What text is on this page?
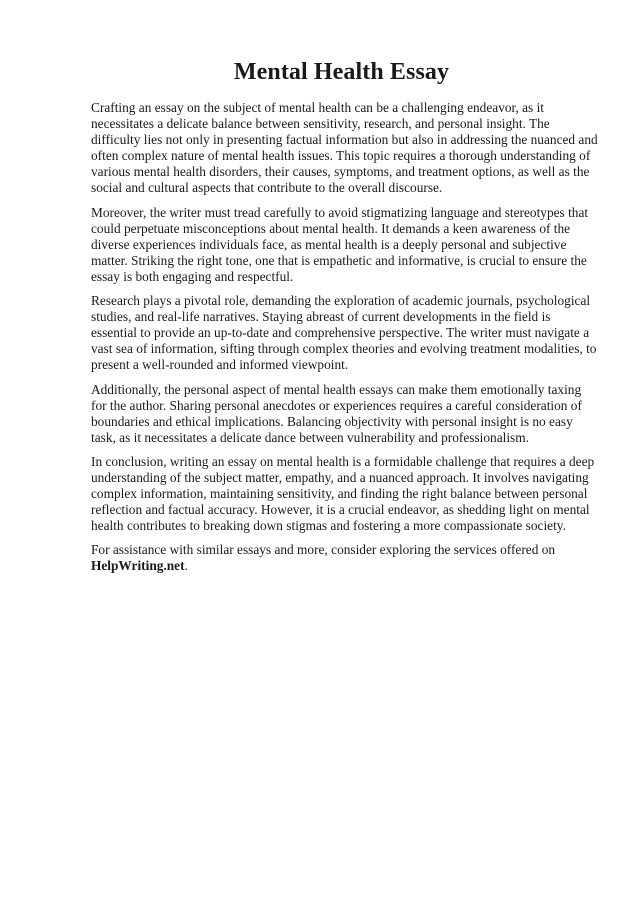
Mental Health Essay

Crafting an essay on the subject of mental health can be a challenging endeavor, as it necessitates a delicate balance between sensitivity, research, and personal insight. The difficulty lies not only in presenting factual information but also in addressing the nuanced and often complex nature of mental health issues. This topic requires a thorough understanding of various mental health disorders, their causes, symptoms, and treatment options, as well as the social and cultural aspects that contribute to the overall discourse.

Moreover, the writer must tread carefully to avoid stigmatizing language and stereotypes that could perpetuate misconceptions about mental health. It demands a keen awareness of the diverse experiences individuals face, as mental health is a deeply personal and subjective matter. Striking the right tone, one that is empathetic and informative, is crucial to ensure the essay is both engaging and respectful.

Research plays a pivotal role, demanding the exploration of academic journals, psychological studies, and real-life narratives. Staying abreast of current developments in the field is essential to provide an up-to-date and comprehensive perspective. The writer must navigate a vast sea of information, sifting through complex theories and evolving treatment modalities, to present a well-rounded and informed viewpoint.

Additionally, the personal aspect of mental health essays can make them emotionally taxing for the author. Sharing personal anecdotes or experiences requires a careful consideration of boundaries and ethical implications. Balancing objectivity with personal insight is no easy task, as it necessitates a delicate dance between vulnerability and professionalism.

In conclusion, writing an essay on mental health is a formidable challenge that requires a deep understanding of the subject matter, empathy, and a nuanced approach. It involves navigating complex information, maintaining sensitivity, and finding the right balance between personal reflection and factual accuracy. However, it is a crucial endeavor, as shedding light on mental health contributes to breaking down stigmas and fostering a more compassionate society.

For assistance with similar essays and more, consider exploring the services offered on HelpWriting.net.
